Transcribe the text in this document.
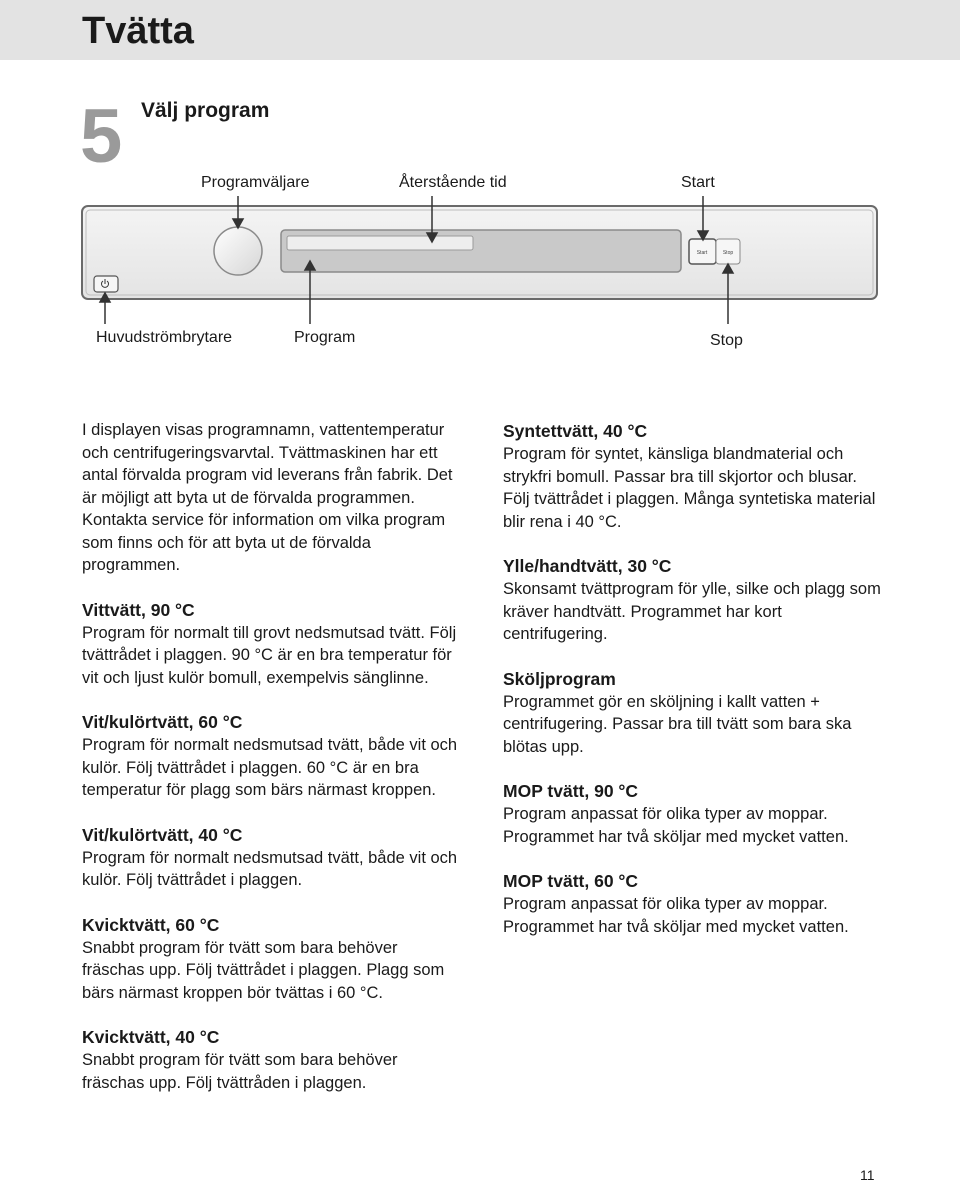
Tvätta
5 Välj program
Start	Stop
Programväljare	Återstående tid	Start
Huvudströmbrytare	Program	Stop

I displayen visas programnamn, vattentemperatur och centrifugeringsvarvtal. Tvättmaskinen har ett antal förvalda program vid leverans från fabrik. Det är möjligt att byta ut de förvalda programmen. Kontakta service för information om vilka program som finns och för att byta ut de förvalda programmen.

Vittvätt, 90 °C

Program för normalt till grovt nedsmutsad tvätt. Följ tvättrådet i plaggen. 90 °C är en bra temperatur för vit och ljust kulör bomull, exempelvis sänglinne.

Vit/kulörtvätt, 60 °C

Program för normalt nedsmutsad tvätt, både vit och kulör. Följ tvättrådet i plaggen. 60 °C är en bra temperatur för plagg som bärs närmast kroppen.

Vit/kulörtvätt, 40 °C

Program för normalt nedsmutsad tvätt, både vit och kulör. Följ tvättrådet i plaggen.

Kvicktvätt, 60 °C

Snabbt program för tvätt som bara behöver fräschas upp. Följ tvättrådet i plaggen. Plagg som bärs närmast kroppen bör tvättas i 60 °C.

Kvicktvätt, 40 °C

Snabbt program för tvätt som bara behöver fräschas upp. Följ tvättråden i plaggen.

Syntettvätt, 40 °C

Program för syntet, känsliga blandmaterial och strykfri bomull. Passar bra till skjortor och blusar. Följ tvättrådet i plaggen. Många syntetiska material blir rena i 40 °C.

Ylle/handtvätt, 30 °C

Skonsamt tvättprogram för ylle, silke och plagg som kräver handtvätt. Programmet har kort centrifugering.

Sköljprogram

Programmet gör en sköljning i kallt vatten + centrifugering. Passar bra till tvätt som bara ska blötas upp.

MOP tvätt, 90 °C

Program anpassat för olika typer av moppar. Programmet har två sköljar med mycket vatten.

MOP tvätt, 60 °C

Program anpassat för olika typer av moppar. Programmet har två sköljar med mycket vatten.

11
